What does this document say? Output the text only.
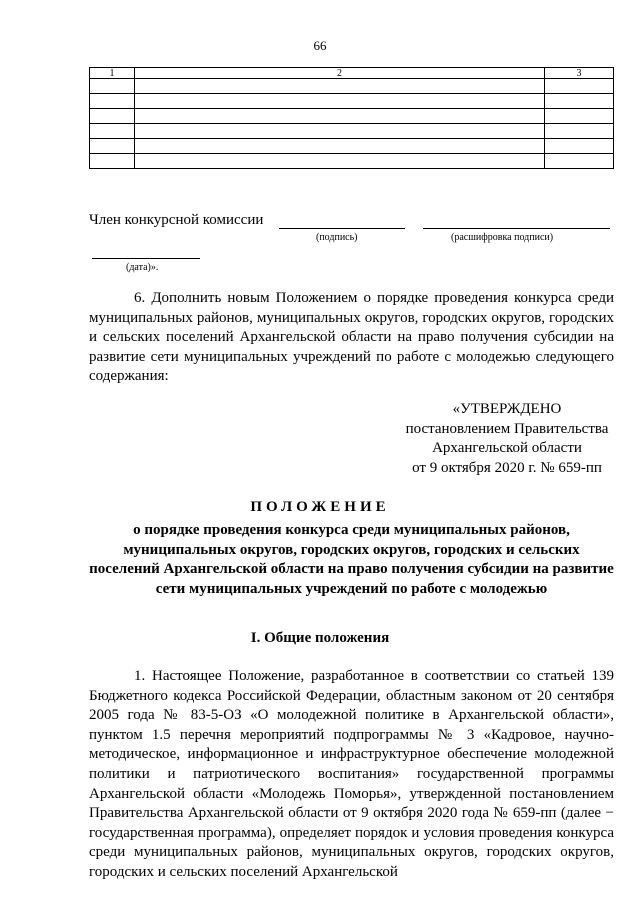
66
1	2	3

Член конкурсной комиссии
(подпись)	(расшифровка подписи)
(дата)».
6. Дополнить новым Положением о порядке проведения конкурса среди муниципальных районов, муниципальных округов, городских округов, городских и сельских поселений Архангельской области на право получения субсидии на развитие сети муниципальных учреждений по работе с молодежью следующего содержания:
«УТВЕРЖДЕНО
постановлением Правительства
Архангельской области
от 9 октября 2020 г. № 659-пп
ПОЛОЖЕНИЕ
о порядке проведения конкурса среди муниципальных районов, муниципальных округов, городских округов, городских и сельских поселений Архангельской области на право получения субсидии на развитие сети муниципальных учреждений по работе с молодежью
I. Общие положения
1. Настоящее Положение, разработанное в соответствии со статьей 139 Бюджетного кодекса Российской Федерации, областным законом от 20 сентября 2005 года № 83-5-ОЗ «О молодежной политике в Архангельской области», пунктом 1.5 перечня мероприятий подпрограммы № 3 «Кадровое, научно-методическое, информационное и инфраструктурное обеспечение молодежной политики и патриотического воспитания» государственной программы Архангельской области «Молодежь Поморья», утвержденной постановлением Правительства Архангельской области от 9 октября 2020 года № 659-пп (далее − государственная программа), определяет порядок и условия проведения конкурса среди муниципальных районов, муниципальных округов, городских округов, городских и сельских поселений Архангельской
